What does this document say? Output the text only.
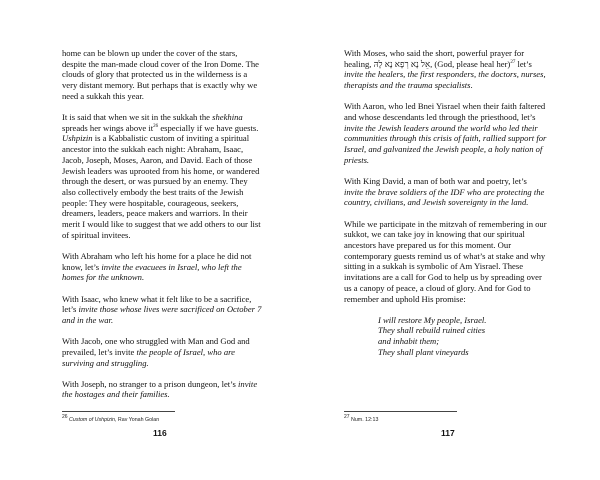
home can be blown up under the cover of the stars, despite the man-made cloud cover of the Iron Dome. The clouds of glory that protected us in the wilderness is a very distant memory. But perhaps that is exactly why we need a sukkah this year.

It is said that when we sit in the sukkah the shekhina spreads her wings above $it^{26}$ especially if we have guests. Ushpizin is a Kabbalistic custom of inviting a spiritual ancestor into the sukkah each night: Abraham, Isaac, Jacob, Joseph, Moses, Aaron, and David. Each of those Jewish leaders was uprooted from his home, or wandered through the desert, or was pursued by an enemy. They also collectively embody the best traits of the Jewish people: They were hospitable, courageous, seekers, dreamers, leaders, peace makers and warriors. In their merit I would like to suggest that we add others to our list of spiritual invitees.

With Abraham who left his home for a place he did not know, let’s invite the evacuees in Israel, who left the homes for the unknown.

With Isaac, who knew what it felt like to be a sacrifice, let’s invite those whose lives were sacrificed on October 7 and in the war.

With Jacob, one who struggled with Man and God and prevailed, let’s invite the people of Israel, who are surviving and struggling.

With Joseph, no stranger to a prison dungeon, let’s invite the hostages and their families.

$^{26}$ Custom of Ushpizin, Rav Yonah Golan
116

With Moses, who said the short, powerful prayer for healing, אֵל נָא רְפָא נָא לָהּ, (God, please heal her)$^{27}$ let’s invite the healers, the first responders, the doctors, nurses, therapists and the trauma specialists.

With Aaron, who led Bnei Yisrael when their faith faltered and whose descendants led through the priesthood, let’s invite the Jewish leaders around the world who led their communities through this crisis of faith, rallied support for Israel, and galvanized the Jewish people, a holy nation of priests.

With King David, a man of both war and poetry, let’s invite the brave soldiers of the IDF who are protecting the country, civilians, and Jewish sovereignty in the land.

While we participate in the mitzvah of remembering in our sukkot, we can take joy in knowing that our spiritual ancestors have prepared us for this moment. Our contemporary guests remind us of what’s at stake and why sitting in a sukkah is symbolic of Am Yisrael. These invitations are a call for God to help us by spreading over us a canopy of peace, a cloud of glory. And for God to remember and uphold His promise:

I will restore My people, Israel.
They shall rebuild ruined cities
and inhabit them;
They shall plant vineyards
$^{27}$ Num. 12:13
117
